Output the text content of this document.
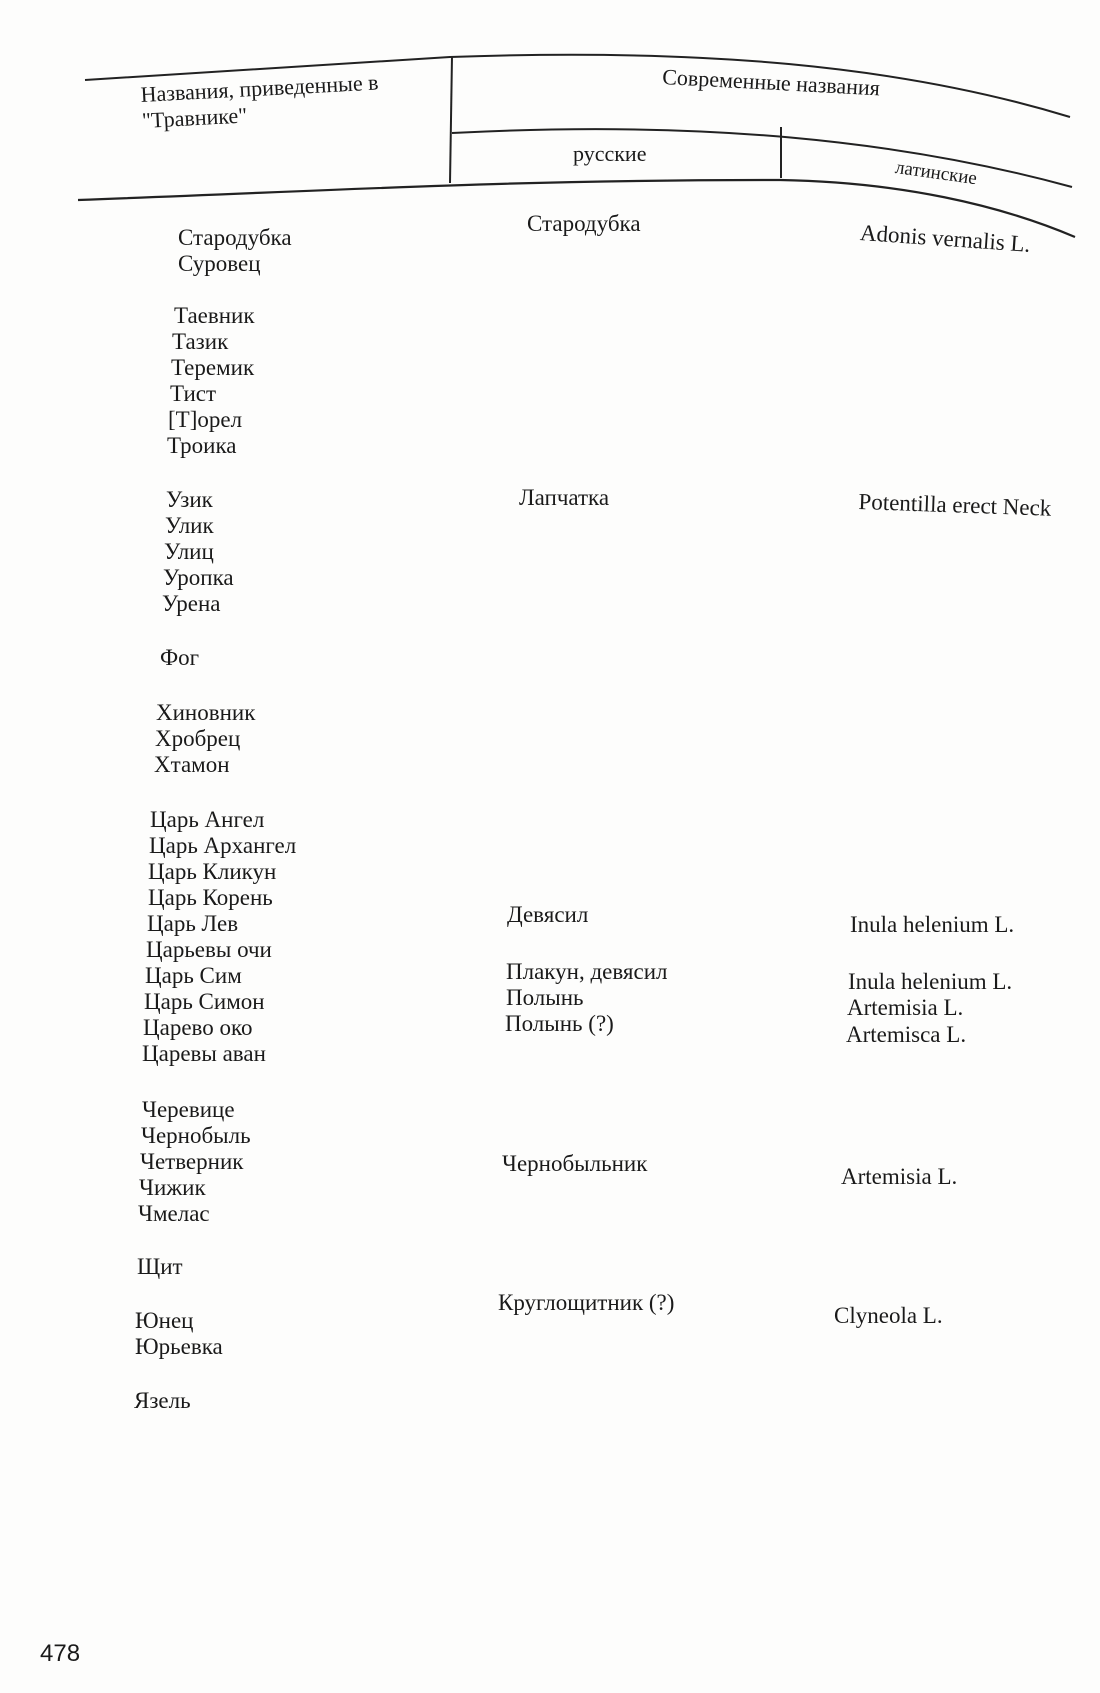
Названия, приведенные в "Травнике"
Современные названия
русские
латинские
Стародубка
Суровец
Таевник
Тазик
Теремик
Тист
[Т]орел
Троика
Узик
Улик
Улиц
Уропка
Урена
Фог
Хиновник
Хробрец
Хтамон
Царь Ангел
Царь Архангел
Царь Кликун
Царь Корень
Царь Лев
Царьевы очи
Царь Сим
Царь Симон
Царево око
Царевы аван
Черевице
Чернобыль
Четверник
Чижик
Чмелас
Щит
Юнец
Юрьевка
Язель
Стародубка
Лапчатка
Девясил
Плакун, девясил
Полынь
Полынь (?)
Чернобыльник
Круглощитник (?)
Adonis vernalis L.
Potentilla erect Neck
Inula helenium L.
Inula helenium L.
Artemisia L.
Artemisca L.
Artemisia L.
Clyneola L.
478
